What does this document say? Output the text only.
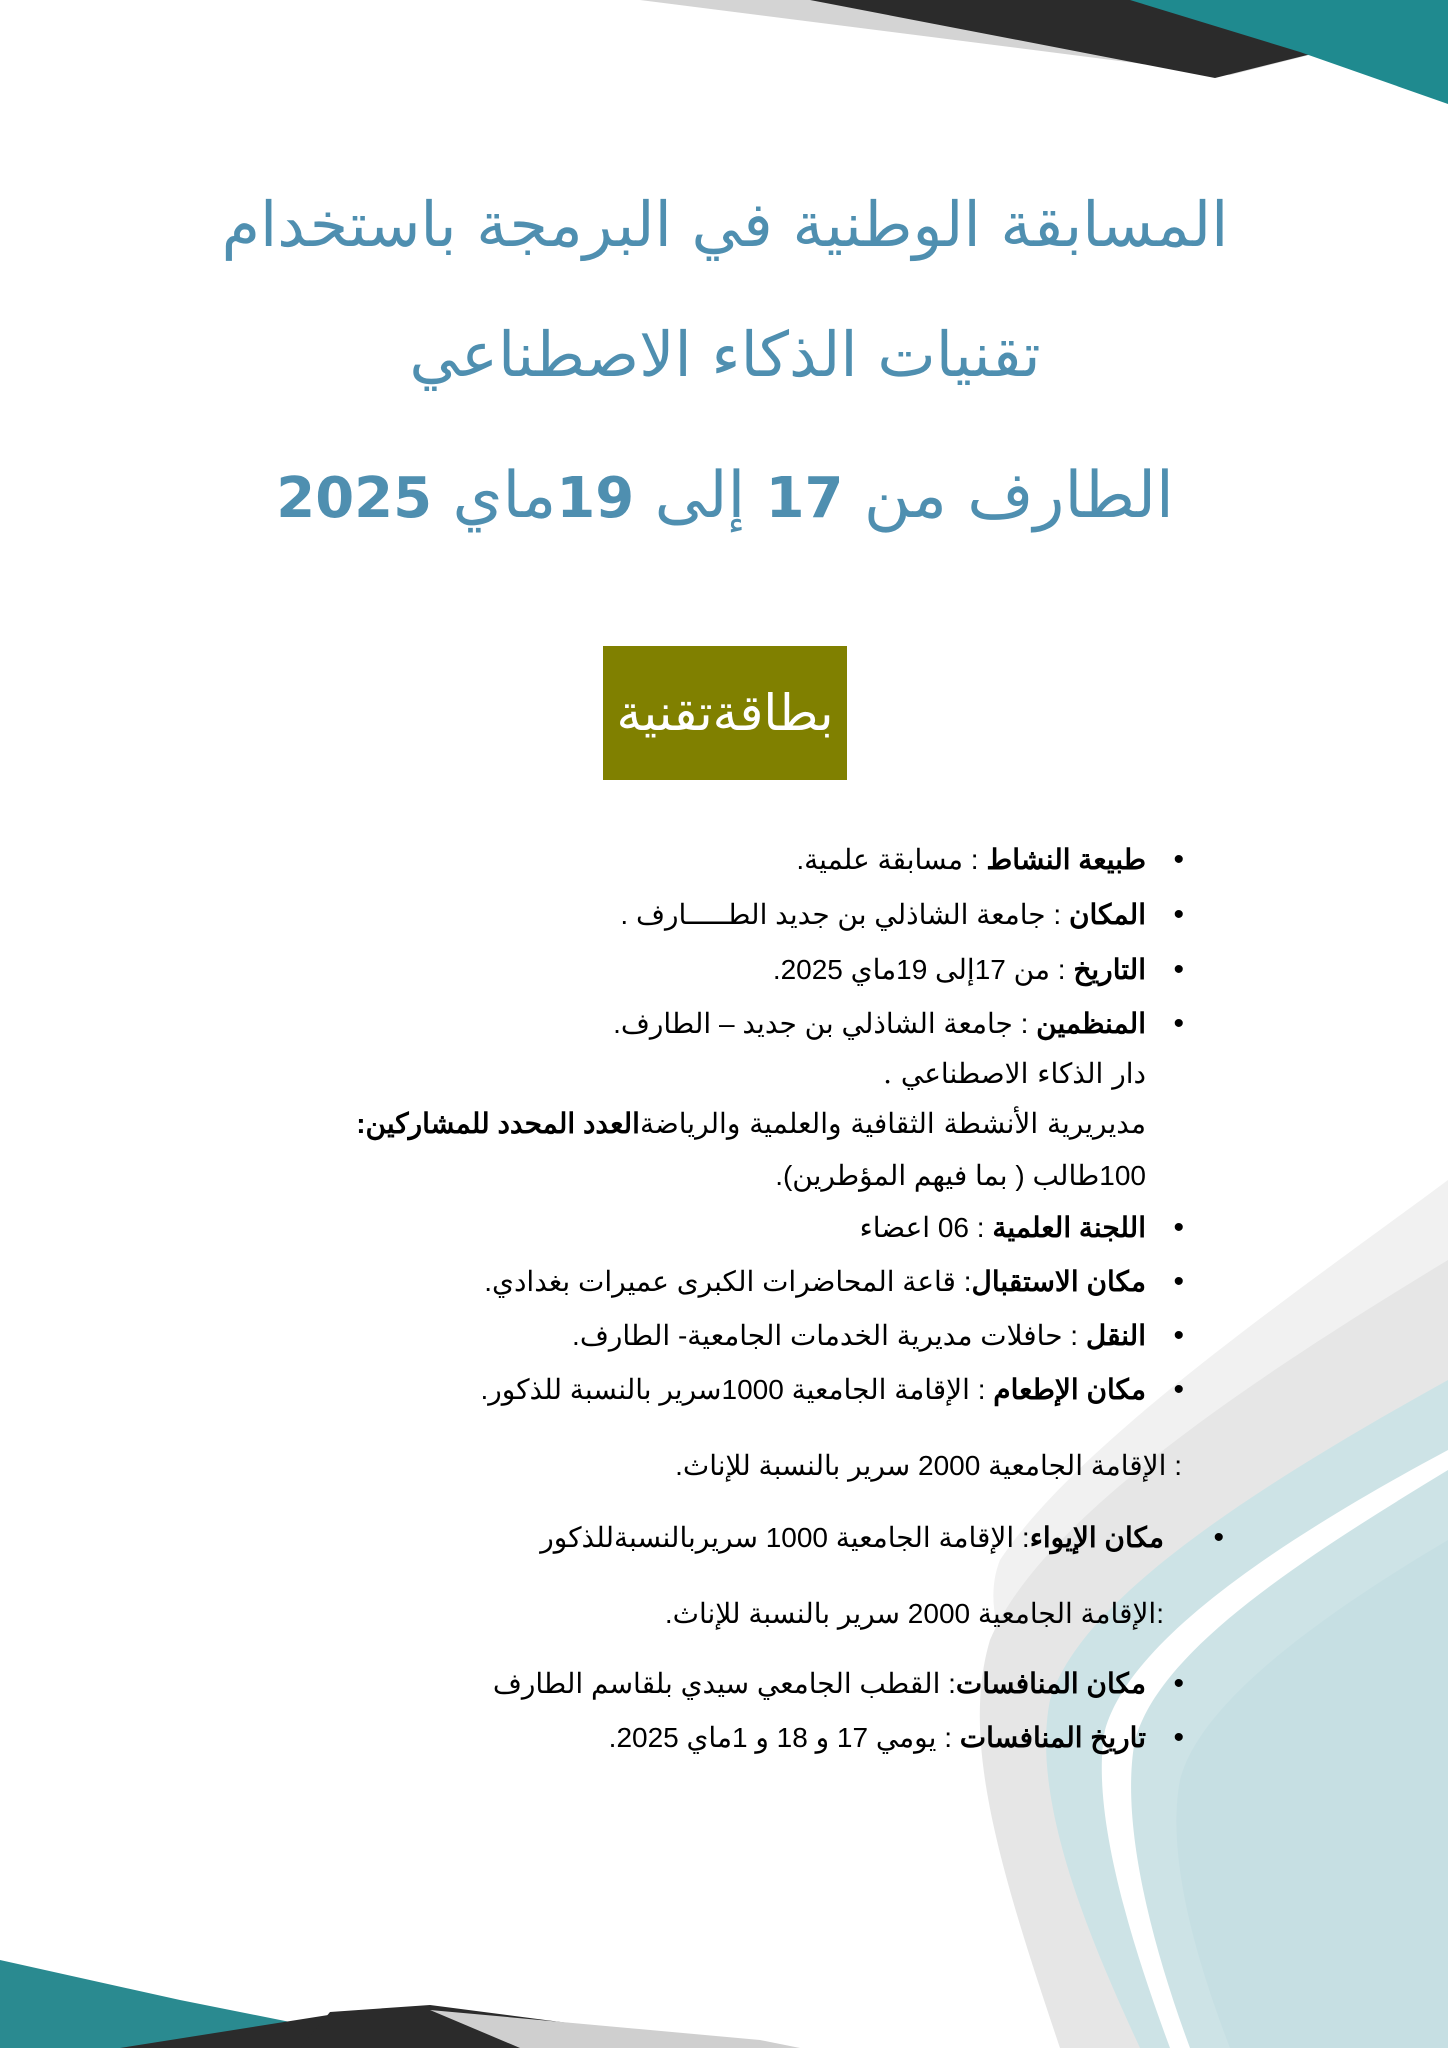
المسابقة الوطنية في البرمجة باستخدام
تقنيات الذكاء الاصطناعي
الطارف من 17 إلى 19ماي 2025
بطاقةتقنية
• طبيعة النشاط : مسابقة علمية.
• المكان : جامعة الشاذلي بن جديد الطـــــارف .
• التاريخ : من 17إلى 19ماي 2025.
• المنظمين : جامعة الشاذلي بن جديد – الطارف.
دار الذكاء الاصطناعي .
مديريرية الأنشطة الثقافية والعلمية والرياضةالعدد المحدد للمشاركين:
100طالب ( بما فيهم المؤطرين).
• اللجنة العلمية : 06 اعضاء
• مكان الاستقبال: قاعة المحاضرات الكبرى عميرات بغدادي.
• النقل : حافلات مديرية الخدمات الجامعية- الطارف.
• مكان الإطعام : الإقامة الجامعية 1000سرير بالنسبة للذكور.
: الإقامة الجامعية 2000 سرير بالنسبة للإناث.
• مكان الإيواء: الإقامة الجامعية 1000 سريربالنسبةللذكور
:الإقامة الجامعية 2000 سرير بالنسبة للإناث.
• مكان المنافسات: القطب الجامعي سيدي بلقاسم الطارف
• تاريخ المنافسات : يومي 17 و 18 و 1ماي 2025.
